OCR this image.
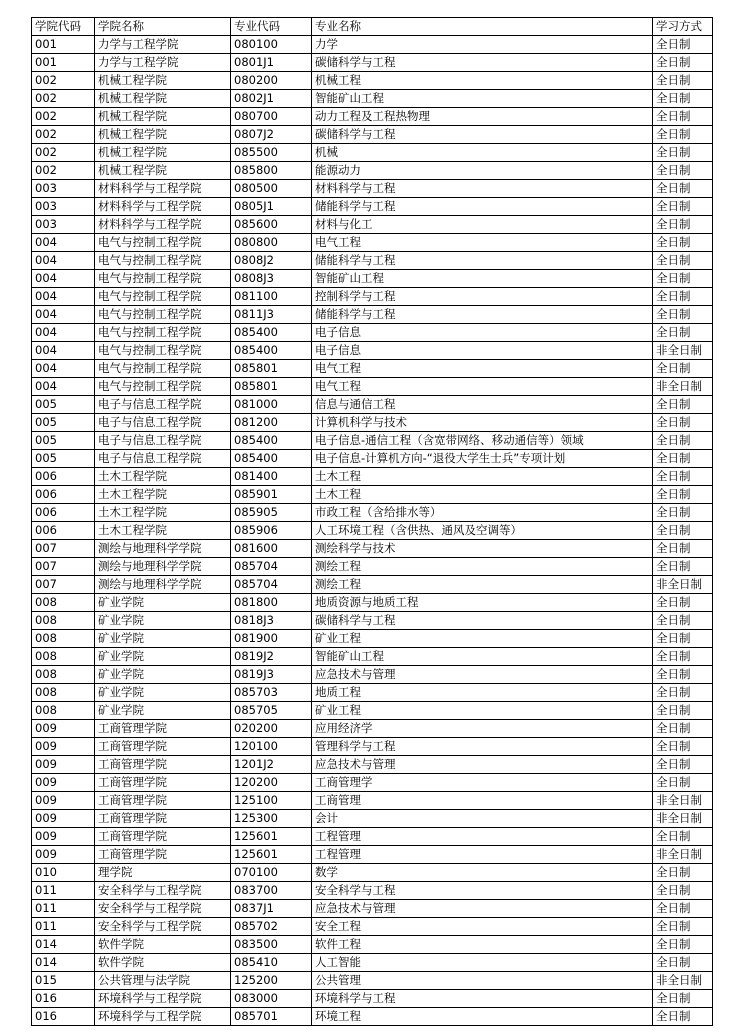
学院代码	学院名称	专业代码	专业名称	学习方式
001	力学与工程学院	080100	力学	全日制
001	力学与工程学院	0801J1	碳储科学与工程	全日制
002	机械工程学院	080200	机械工程	全日制
002	机械工程学院	0802J1	智能矿山工程	全日制
002	机械工程学院	080700	动力工程及工程热物理	全日制
002	机械工程学院	0807J2	碳储科学与工程	全日制
002	机械工程学院	085500	机械	全日制
002	机械工程学院	085800	能源动力	全日制
003	材料科学与工程学院	080500	材料科学与工程	全日制
003	材料科学与工程学院	0805J1	储能科学与工程	全日制
003	材料科学与工程学院	085600	材料与化工	全日制
004	电气与控制工程学院	080800	电气工程	全日制
004	电气与控制工程学院	0808J2	储能科学与工程	全日制
004	电气与控制工程学院	0808J3	智能矿山工程	全日制
004	电气与控制工程学院	081100	控制科学与工程	全日制
004	电气与控制工程学院	0811J3	储能科学与工程	全日制
004	电气与控制工程学院	085400	电子信息	全日制
004	电气与控制工程学院	085400	电子信息	非全日制
004	电气与控制工程学院	085801	电气工程	全日制
004	电气与控制工程学院	085801	电气工程	非全日制
005	电子与信息工程学院	081000	信息与通信工程	全日制
005	电子与信息工程学院	081200	计算机科学与技术	全日制
005	电子与信息工程学院	085400	电子信息-通信工程（含宽带网络、移动通信等）领域	全日制
005	电子与信息工程学院	085400	电子信息-计算机方向-“退役大学生士兵”专项计划	全日制
006	土木工程学院	081400	土木工程	全日制
006	土木工程学院	085901	土木工程	全日制
006	土木工程学院	085905	市政工程（含给排水等）	全日制
006	土木工程学院	085906	人工环境工程（含供热、通风及空调等）	全日制
007	测绘与地理科学学院	081600	测绘科学与技术	全日制
007	测绘与地理科学学院	085704	测绘工程	全日制
007	测绘与地理科学学院	085704	测绘工程	非全日制
008	矿业学院	081800	地质资源与地质工程	全日制
008	矿业学院	0818J3	碳储科学与工程	全日制
008	矿业学院	081900	矿业工程	全日制
008	矿业学院	0819J2	智能矿山工程	全日制
008	矿业学院	0819J3	应急技术与管理	全日制
008	矿业学院	085703	地质工程	全日制
008	矿业学院	085705	矿业工程	全日制
009	工商管理学院	020200	应用经济学	全日制
009	工商管理学院	120100	管理科学与工程	全日制
009	工商管理学院	1201J2	应急技术与管理	全日制
009	工商管理学院	120200	工商管理学	全日制
009	工商管理学院	125100	工商管理	非全日制
009	工商管理学院	125300	会计	非全日制
009	工商管理学院	125601	工程管理	全日制
009	工商管理学院	125601	工程管理	非全日制
010	理学院	070100	数学	全日制
011	安全科学与工程学院	083700	安全科学与工程	全日制
011	安全科学与工程学院	0837J1	应急技术与管理	全日制
011	安全科学与工程学院	085702	安全工程	全日制
014	软件学院	083500	软件工程	全日制
014	软件学院	085410	人工智能	全日制
015	公共管理与法学院	125200	公共管理	非全日制
016	环境科学与工程学院	083000	环境科学与工程	全日制
016	环境科学与工程学院	085701	环境工程	全日制
